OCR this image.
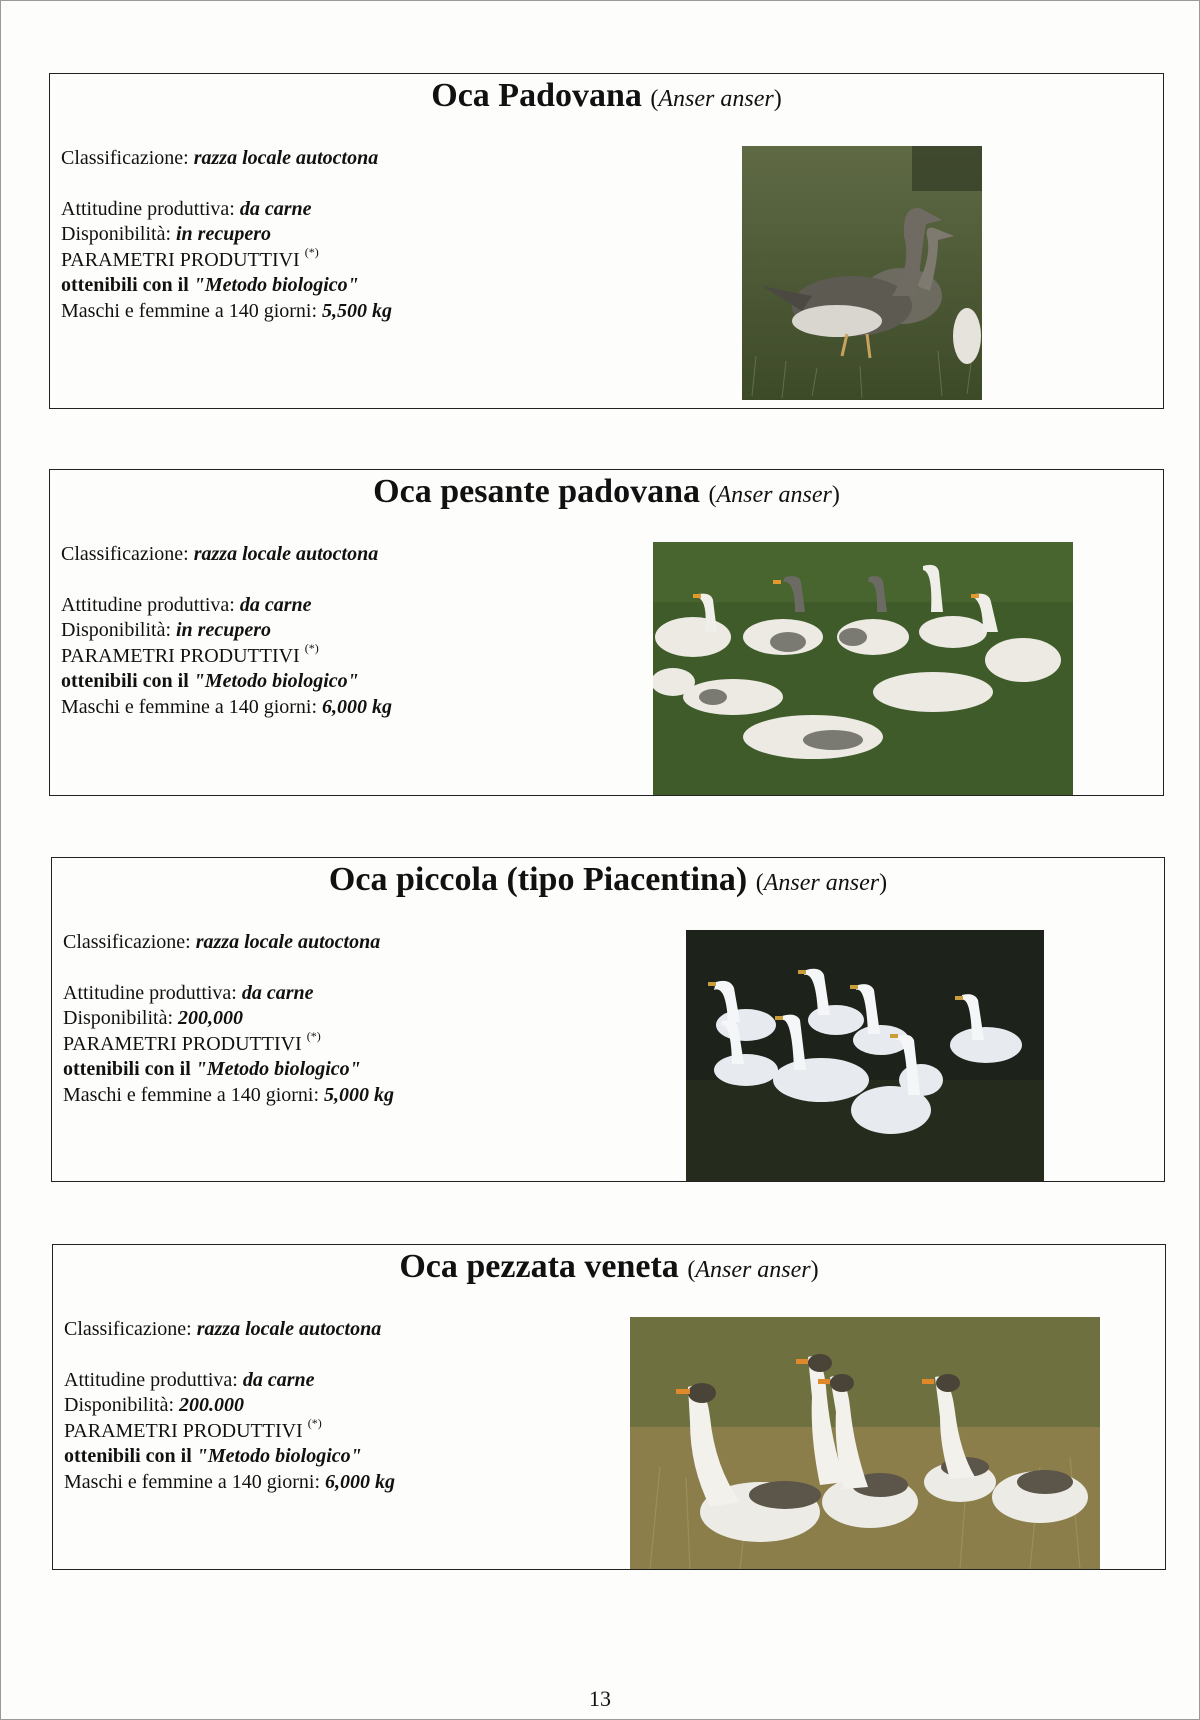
Oca Padovana (Anser anser)
Classificazione: razza locale autoctona
Attitudine produttiva: da carne
Disponibilità: in recupero
PARAMETRI PRODUTTIVI (*)
ottenibili con il "Metodo biologico"
Maschi e femmine a 140 giorni: 5,500 kg
Oca pesante padovana (Anser anser)
Classificazione: razza locale autoctona
Attitudine produttiva: da carne
Disponibilità: in recupero
PARAMETRI PRODUTTIVI (*)
ottenibili con il "Metodo biologico"
Maschi e femmine a 140 giorni: 6,000 kg
Oca piccola (tipo Piacentina) (Anser anser)
Classificazione: razza locale autoctona
Attitudine produttiva: da carne
Disponibilità: 200,000
PARAMETRI PRODUTTIVI (*)
ottenibili con il "Metodo biologico"
Maschi e femmine a 140 giorni: 5,000 kg
Oca pezzata veneta (Anser anser)
Classificazione: razza locale autoctona
Attitudine produttiva: da carne
Disponibilità: 200.000
PARAMETRI PRODUTTIVI (*)
ottenibili con il "Metodo biologico"
Maschi e femmine a 140 giorni: 6,000 kg
13
